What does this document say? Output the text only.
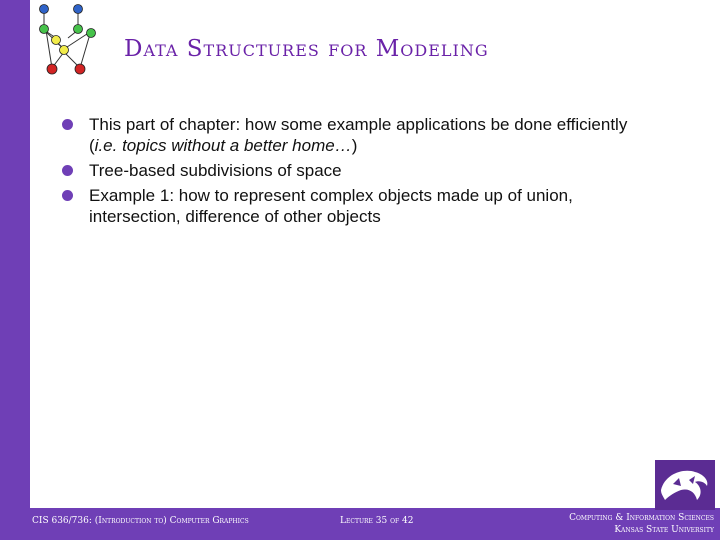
Data Structures for Modeling
This part of chapter: how some example applications be done efficiently (i.e. topics without a better home…)
Tree-based subdivisions of space
Example 1: how to represent complex objects made up of union, intersection, difference of other objects
CIS 636/736: (Introduction to) Computer Graphics	Lecture 35 of 42	Computing & Information Sciences
Kansas State University
